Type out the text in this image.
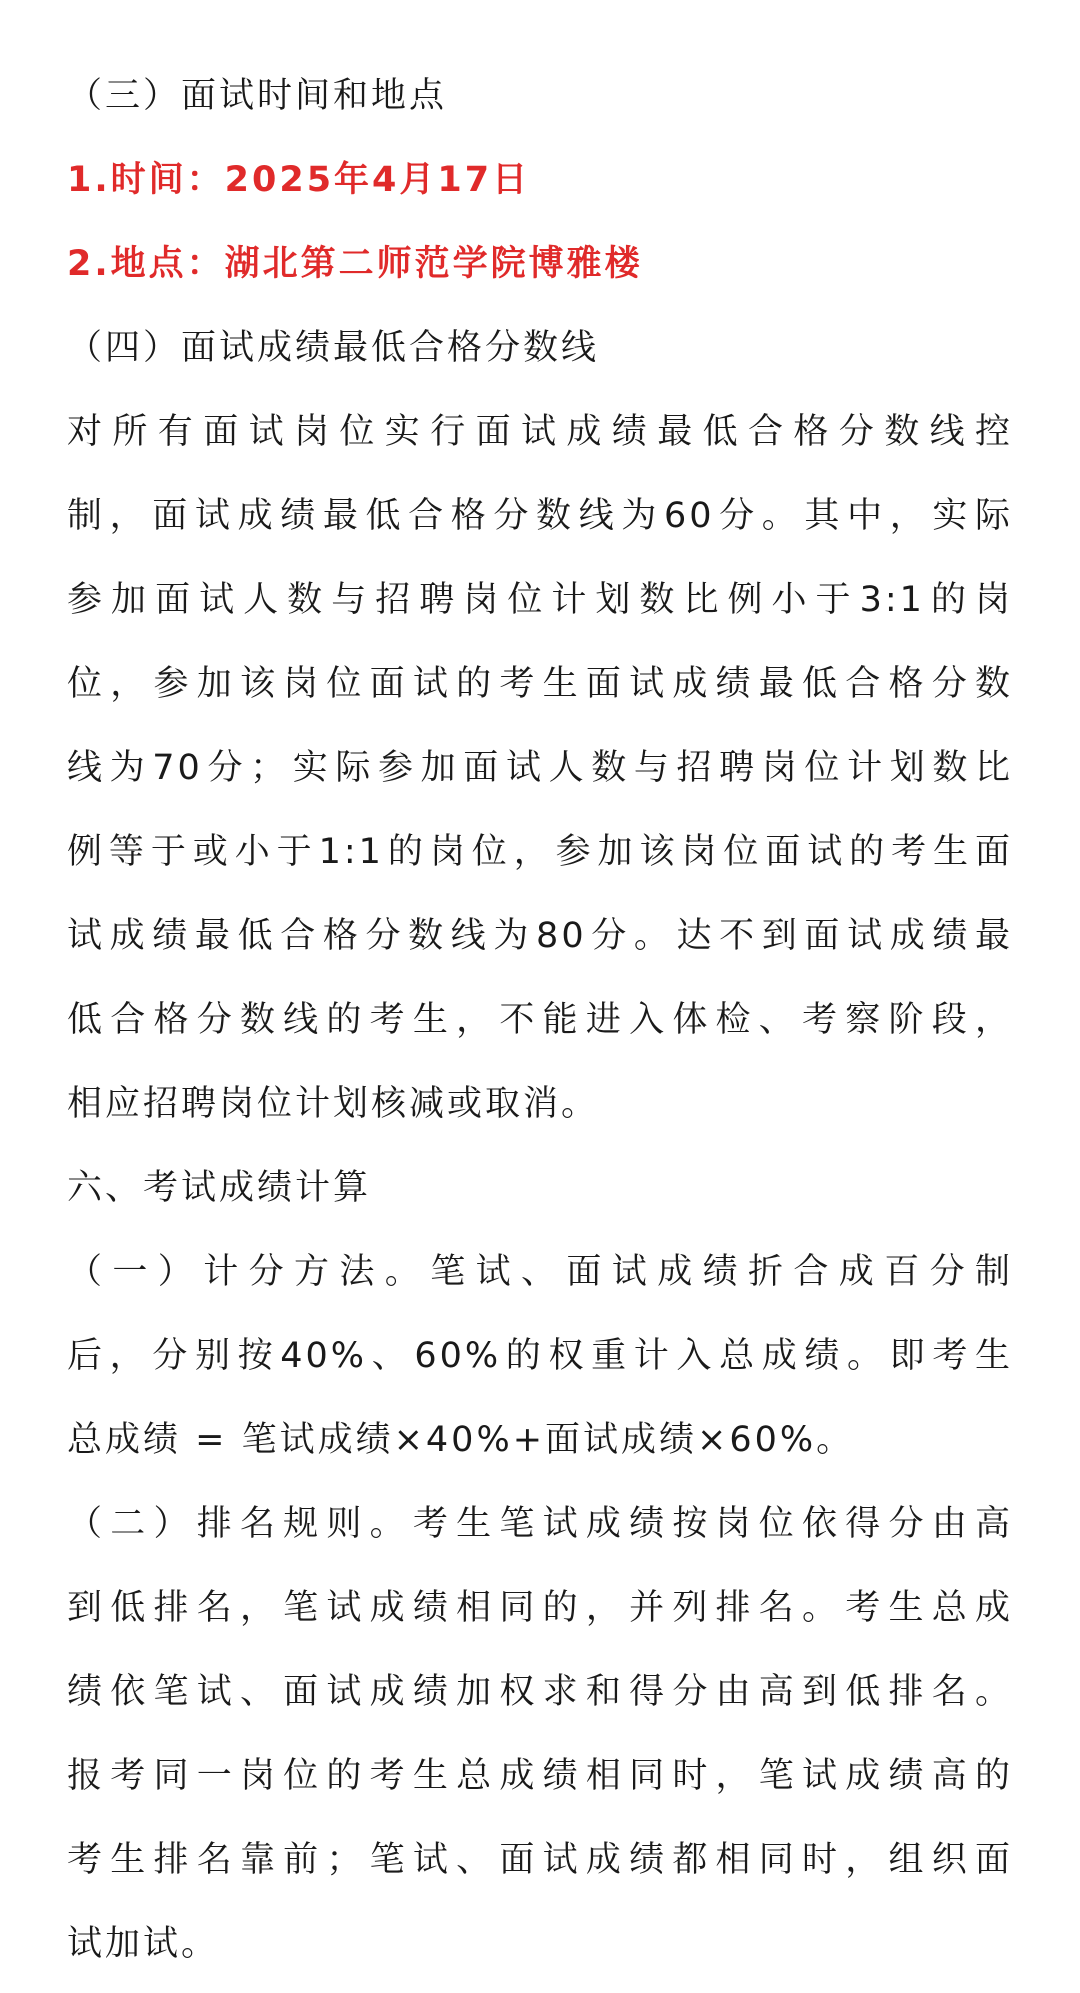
（三）面试时间和地点
1.时间：2025年4月17日
2.地点：湖北第二师范学院博雅楼
（四）面试成绩最低合格分数线
对所有面试岗位实行面试成绩最低合格分数线控
制，面试成绩最低合格分数线为60分。其中，实际
参加面试人数与招聘岗位计划数比例小于3:1的岗
位，参加该岗位面试的考生面试成绩最低合格分数
线为70分；实际参加面试人数与招聘岗位计划数比
例等于或小于1:1的岗位，参加该岗位面试的考生面
试成绩最低合格分数线为80分。达不到面试成绩最
低合格分数线的考生，不能进入体检、考察阶段，
相应招聘岗位计划核减或取消。
六、考试成绩计算
（一）计分方法。笔试、面试成绩折合成百分制
后，分别按40%、60%的权重计入总成绩。即考生
总成绩 = 笔试成绩×40%+面试成绩×60%。
（二）排名规则。考生笔试成绩按岗位依得分由高
到低排名，笔试成绩相同的，并列排名。考生总成
绩依笔试、面试成绩加权求和得分由高到低排名。
报考同一岗位的考生总成绩相同时，笔试成绩高的
考生排名靠前；笔试、面试成绩都相同时，组织面
试加试。
